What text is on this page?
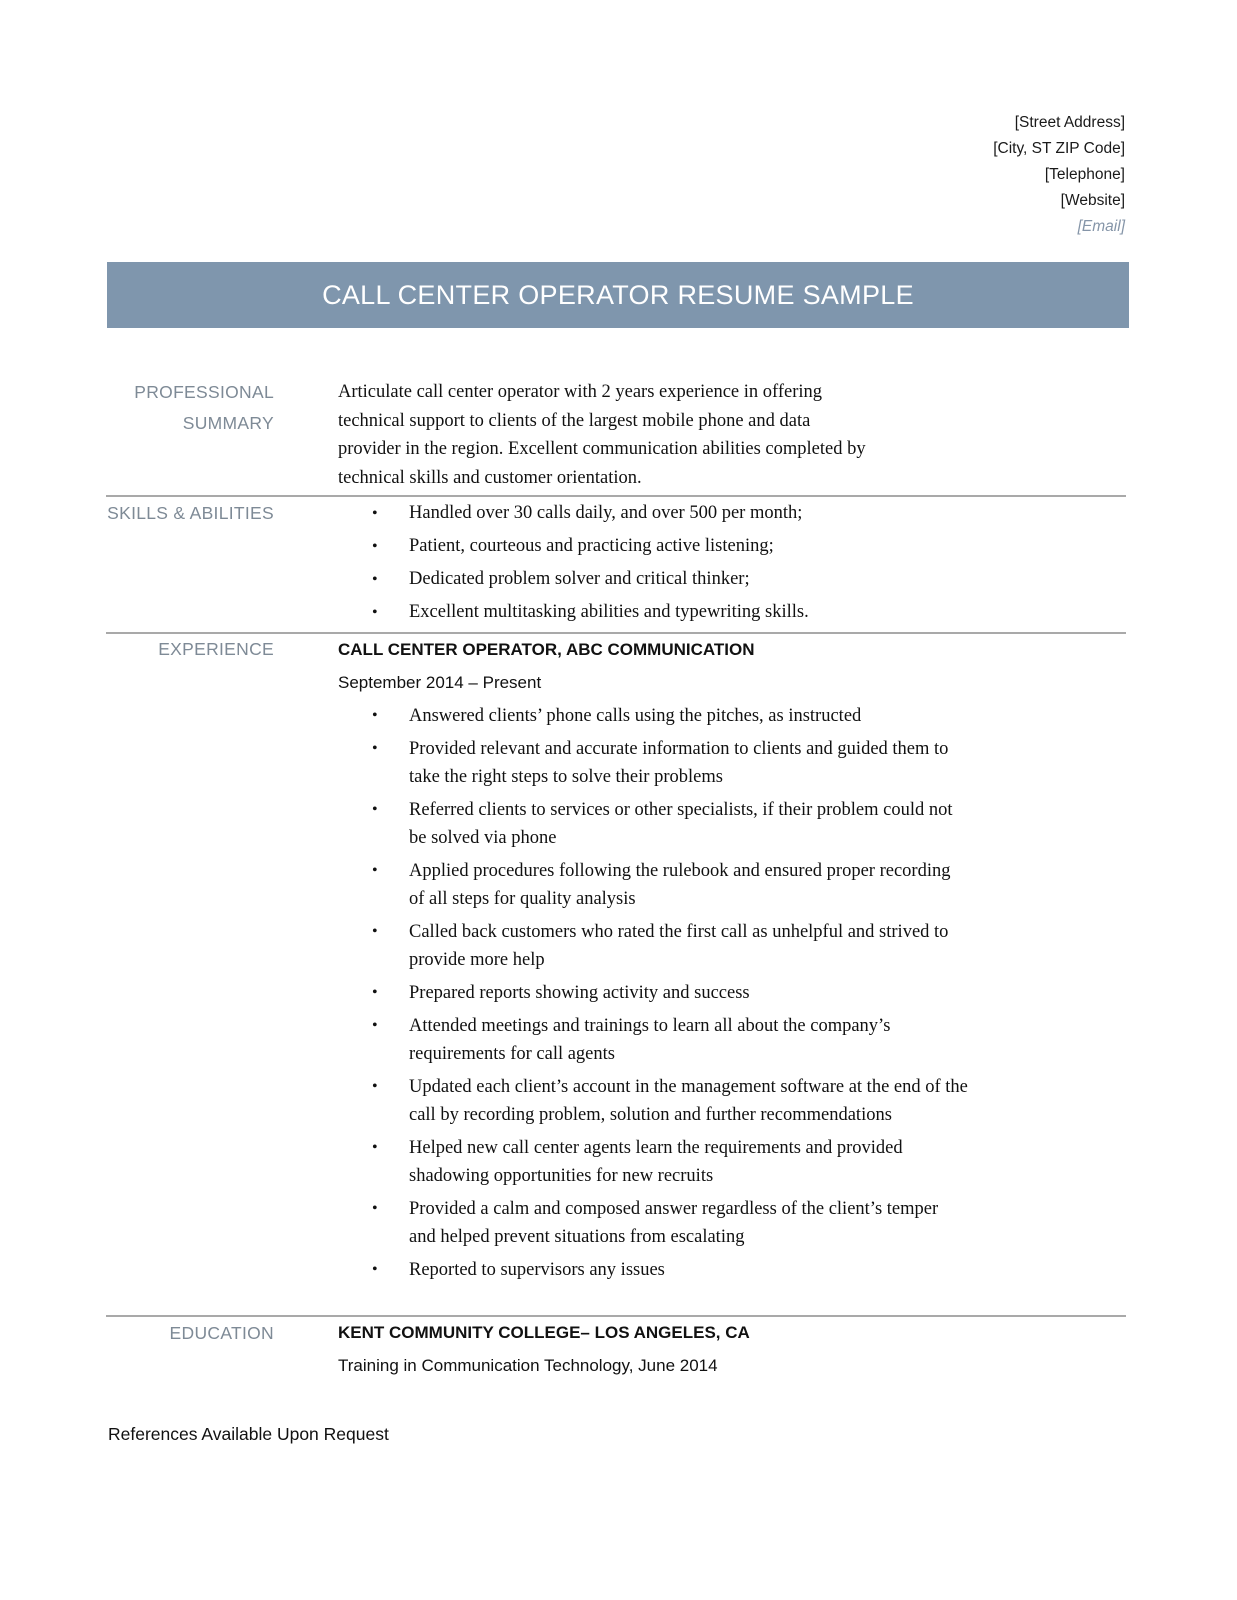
[Street Address]
[City, ST ZIP Code]
[Telephone]
[Website]
[Email]
CALL CENTER OPERATOR RESUME SAMPLE
PROFESSIONAL
SUMMARY
Articulate call center operator with 2 years experience in offering
technical support to clients of the largest mobile phone and data
provider in the region. Excellent communication abilities completed by
technical skills and customer orientation.
SKILLS & ABILITIES	• Handled over 30 calls daily, and over 500 per month;
• Patient, courteous and practicing active listening;
• Dedicated problem solver and critical thinker;
• Excellent multitasking abilities and typewriting skills.
EXPERIENCE	CALL CENTER OPERATOR, ABC COMMUNICATION
September 2014 – Present
• Answered clients’ phone calls using the pitches, as instructed
• Provided relevant and accurate information to clients and guided them to take the right steps to solve their problems
• Referred clients to services or other specialists, if their problem could not be solved via phone
• Applied procedures following the rulebook and ensured proper recording of all steps for quality analysis
• Called back customers who rated the first call as unhelpful and strived to provide more help
• Prepared reports showing activity and success
• Attended meetings and trainings to learn all about the company’s requirements for call agents
• Updated each client’s account in the management software at the end of the call by recording problem, solution and further recommendations
• Helped new call center agents learn the requirements and provided shadowing opportunities for new recruits
• Provided a calm and composed answer regardless of the client’s temper and helped prevent situations from escalating
• Reported to supervisors any issues
EDUCATION	KENT COMMUNITY COLLEGE– LOS ANGELES, CA
Training in Communication Technology, June 2014
References Available Upon Request
